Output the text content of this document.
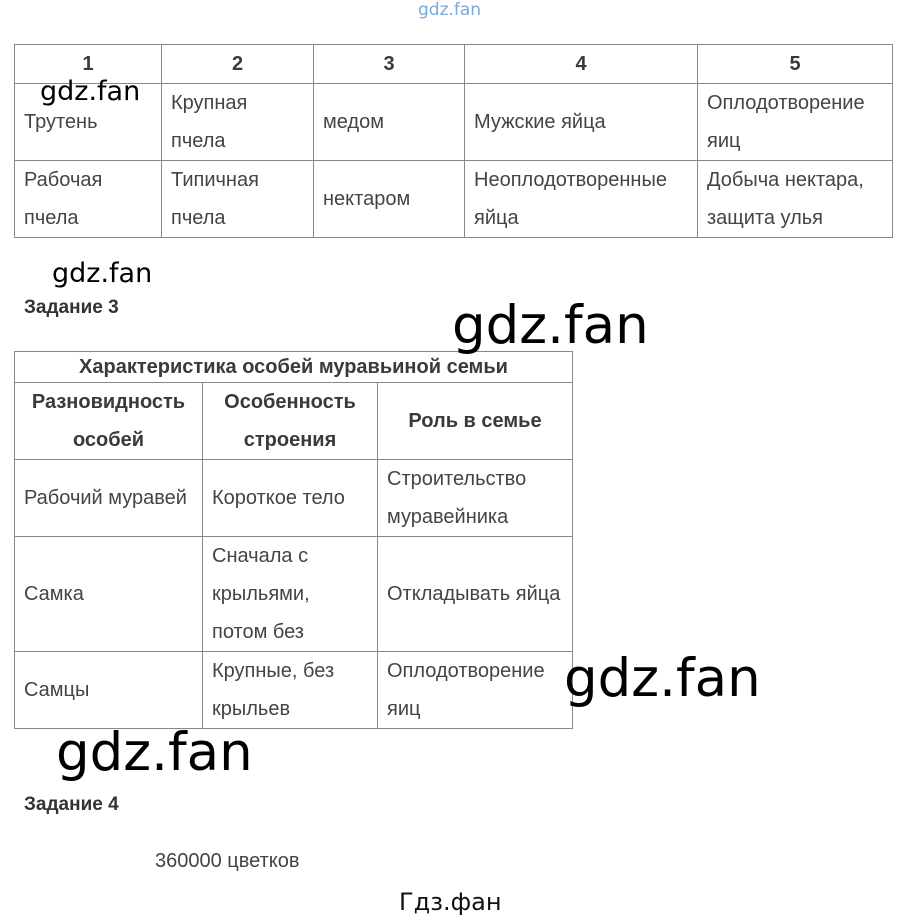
gdz.fan
1	2	3	4	5
Трутень	Крупная пчела	медом	Мужские яйца	Оплодотворение яиц
Рабочая пчела	Типичная пчела	нектаром	Неоплодотворенные яйца	Добыча нектара, защита улья
gdz.fan
gdz.fan
Задание 3
Характеристика особей муравьиной семьи		
Разновидность особей	Особенность строения	Роль в семье
Рабочий муравей	Короткое тело	Строительство муравейника
Самка	Сначала с крыльями, потом без	Откладывать яйца
Самцы	Крупные, без крыльев	Оплодотворение яиц
gdz.fan
gdz.fan
gdz.fan
Задание 4
360000 цветков
Гдз.фан
